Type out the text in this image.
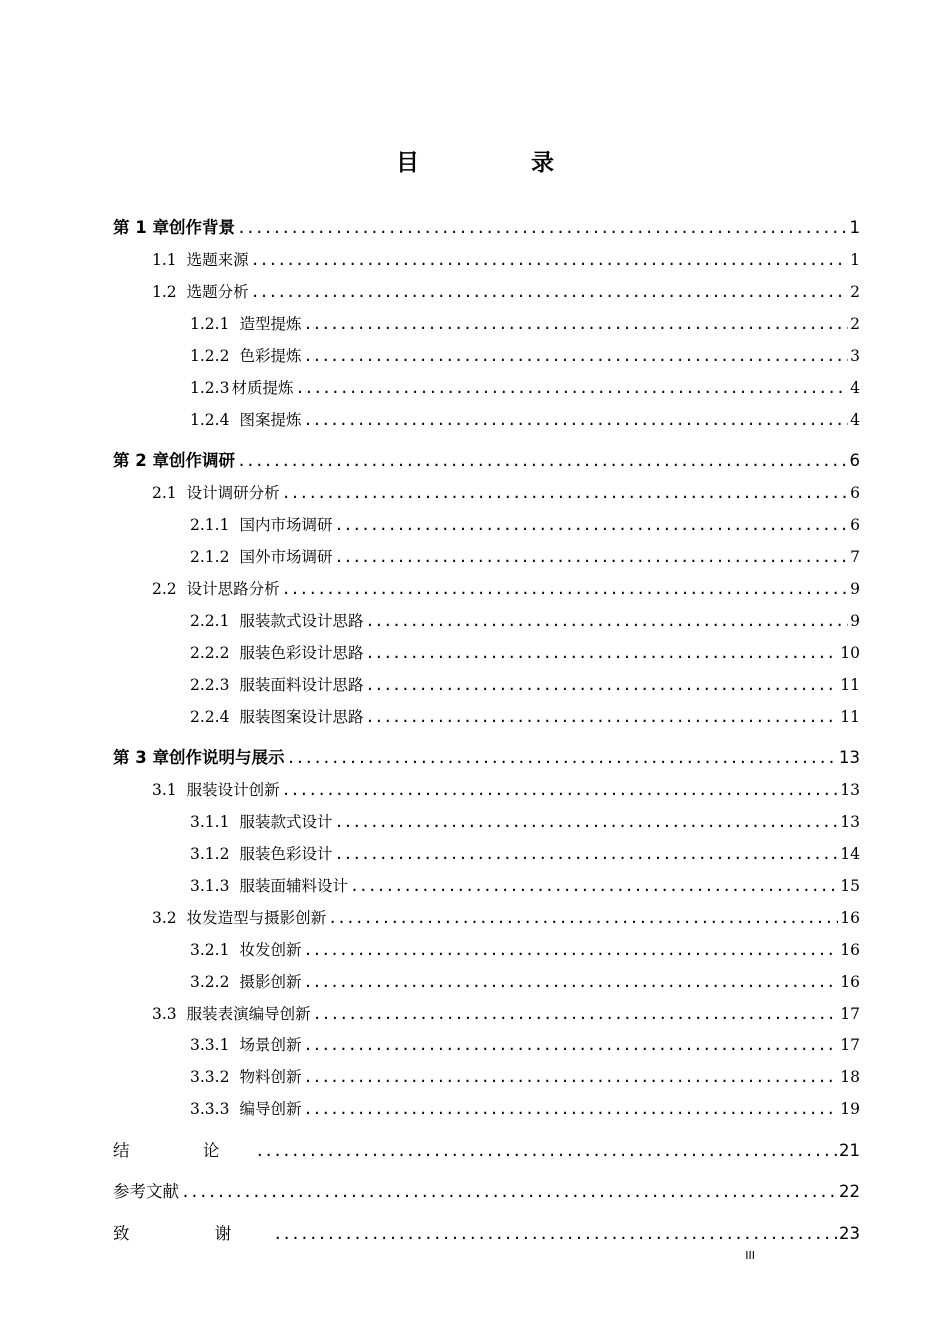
目 录
第 1 章 创作背景 . . .	1
1.1 选题来源 . . .	1
1.2 选题分析 . . .	2
1.2.1 造型提炼 . . .	2
1.2.2 色彩提炼 . . .	3
1.2.3 材质提炼 . . .	4
1.2.4 图案提炼 . . .	4
第 2 章 创作调研 . . .	6
2.1 设计调研分析 . . .	6
2.1.1 国内市场调研 . . .	6
2.1.2 国外市场调研 . . .	7
2.2 设计思路分析 . . .	9
2.2.1 服装款式设计思路 . . .	9
2.2.2 服装色彩设计思路 . . .	10
2.2.3 服装面料设计思路 . . .	11
2.2.4 服装图案设计思路 . . .	11
第 3 章 创作说明与展示 . . .	13
3.1 服装设计创新 . . .	13
3.1.1 服装款式设计 . . .	13
3.1.2 服装色彩设计 . . .	14
3.1.3 服装面辅料设计 . . .	15
3.2 妆发造型与摄影创新 . . .	16
3.2.1 妆发创新 . . .	16
3.2.2 摄影创新 . . .	16
3.3 服装表演编导创新 . . .	17
3.3.1 场景创新 . . .	17
3.3.2 物料创新 . . .	18
3.3.3 编导创新 . . .	19
结 论 . . .	21
参考文献 . . .	22
致 谢 . . .	23
III
